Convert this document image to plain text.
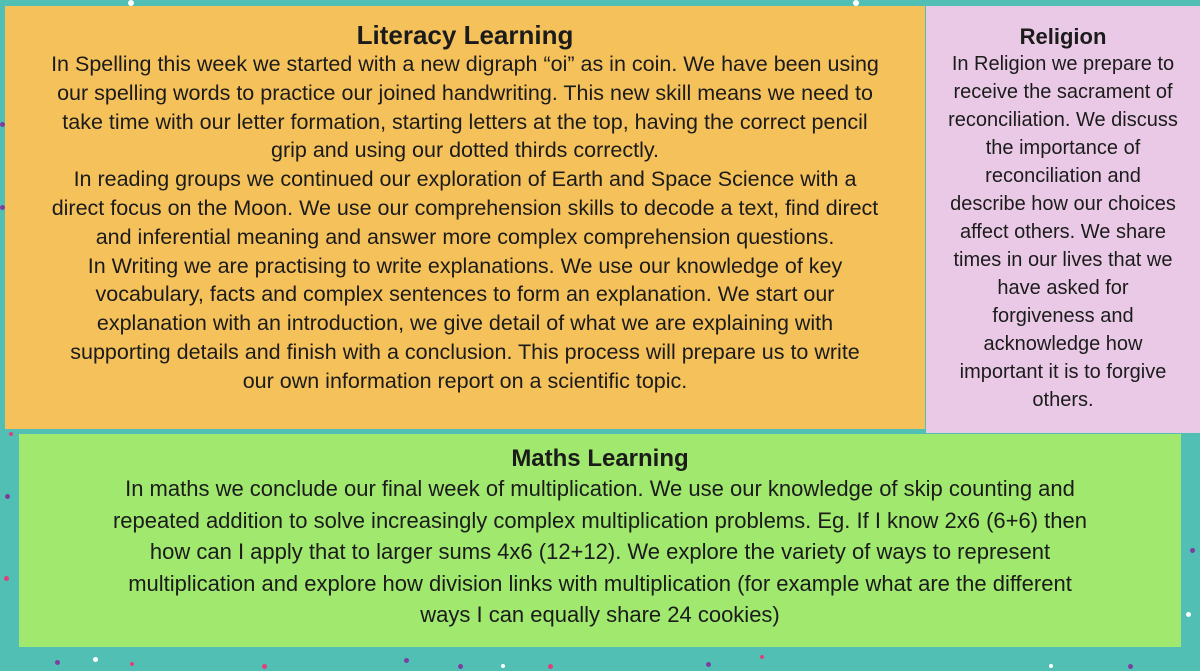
Literacy Learning
In Spelling this week we started with a new digraph “oi” as in coin. We have been using
our spelling words to practice our joined handwriting. This new skill means we need to
take time with our letter formation, starting letters at the top, having the correct pencil
grip and using our dotted thirds correctly.
In reading groups we continued our exploration of Earth and Space Science with a
direct focus on the Moon. We use our comprehension skills to decode a text, find direct
and inferential meaning and answer more complex comprehension questions.
In Writing we are practising to write explanations. We use our knowledge of key
vocabulary, facts and complex sentences to form an explanation. We start our
explanation with an introduction, we give detail of what we are explaining with
supporting details and finish with a conclusion. This process will prepare us to write
our own information report on a scientific topic.
Religion
In Religion we prepare to
receive the sacrament of
reconciliation. We discuss
the importance of
reconciliation and
describe how our choices
affect others. We share
times in our lives that we
have asked for
forgiveness and
acknowledge how
important it is to forgive
others.
Maths Learning
In maths we conclude our final week of multiplication. We use our knowledge of skip counting and
repeated addition to solve increasingly complex multiplication problems. Eg. If I know 2x6 (6+6) then
how can I apply that to larger sums 4x6 (12+12). We explore the variety of ways to represent
multiplication and explore how division links with multiplication (for example what are the different
ways I can equally share 24 cookies)
